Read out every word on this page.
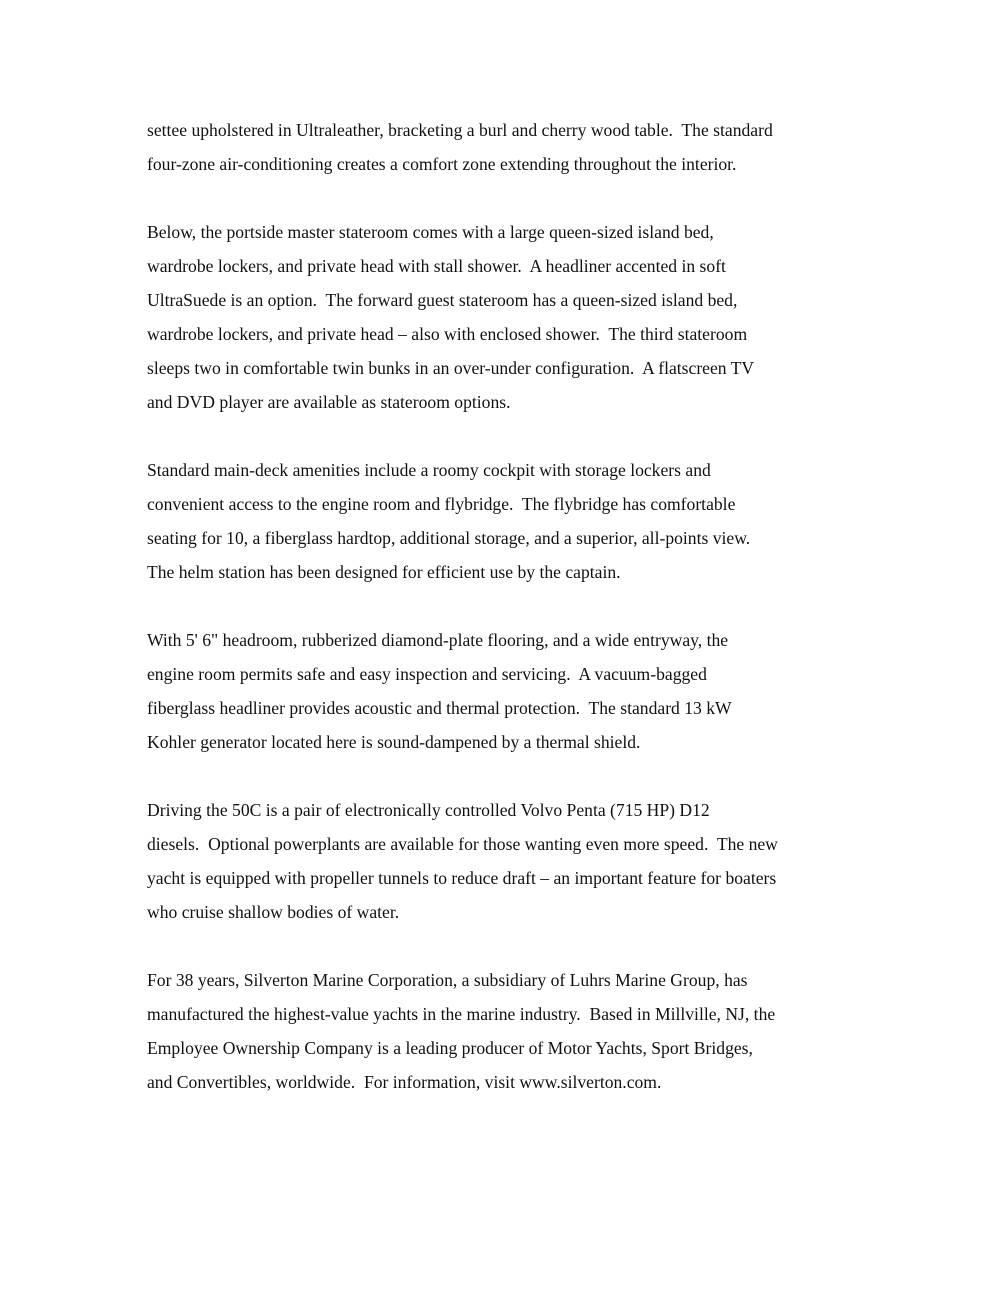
settee upholstered in Ultraleather, bracketing a burl and cherry wood table.  The standard
four-zone air-conditioning creates a comfort zone extending throughout the interior.

Below, the portside master stateroom comes with a large queen-sized island bed,
wardrobe lockers, and private head with stall shower.  A headliner accented in soft
UltraSuede is an option.  The forward guest stateroom has a queen-sized island bed,
wardrobe lockers, and private head – also with enclosed shower.  The third stateroom
sleeps two in comfortable twin bunks in an over-under configuration.  A flatscreen TV
and DVD player are available as stateroom options.

Standard main-deck amenities include a roomy cockpit with storage lockers and
convenient access to the engine room and flybridge.  The flybridge has comfortable
seating for 10, a fiberglass hardtop, additional storage, and a superior, all-points view.
The helm station has been designed for efficient use by the captain.

With 5' 6" headroom, rubberized diamond-plate flooring, and a wide entryway, the
engine room permits safe and easy inspection and servicing.  A vacuum-bagged
fiberglass headliner provides acoustic and thermal protection.  The standard 13 kW
Kohler generator located here is sound-dampened by a thermal shield.

Driving the 50C is a pair of electronically controlled Volvo Penta (715 HP) D12
diesels.  Optional powerplants are available for those wanting even more speed.  The new
yacht is equipped with propeller tunnels to reduce draft – an important feature for boaters
who cruise shallow bodies of water.

For 38 years, Silverton Marine Corporation, a subsidiary of Luhrs Marine Group, has
manufactured the highest-value yachts in the marine industry.  Based in Millville, NJ, the
Employee Ownership Company is a leading producer of Motor Yachts, Sport Bridges,
and Convertibles, worldwide.  For information, visit www.silverton.com.
